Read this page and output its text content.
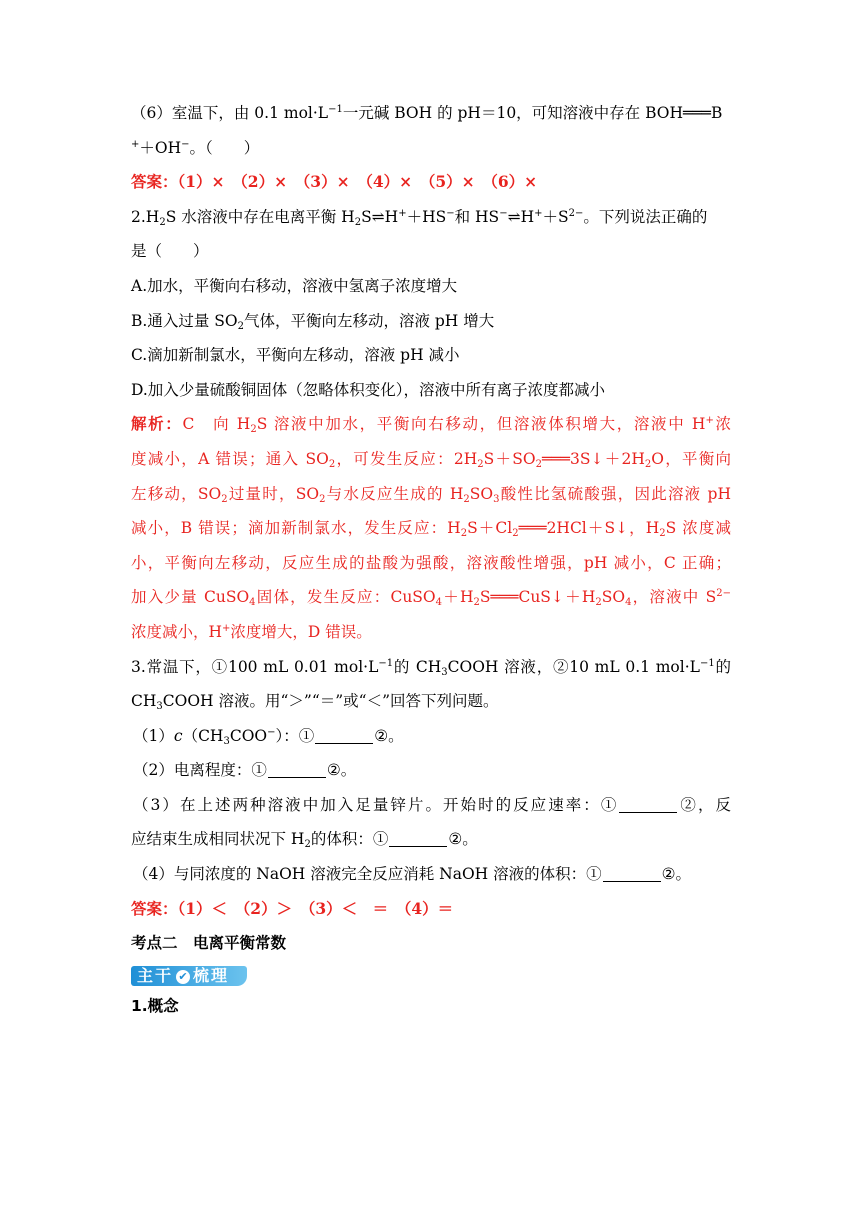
（6）室温下，由 0.1 $mol\cdot L^{-1}$一元碱 BOH 的 pH＝10，可知溶液中存在 BOH═══B
+＋OH−。（　　）
答案：（1）×　（2）×　（3）×　（4）×　（5）×　（6）×
$2.H_2S$ 水溶液中存在电离平衡 $H_2S\rightleftharpoons H^++HS^-$和 $HS^-\rightleftharpoons H^++S^{2-}$。下列说法正确的
是（　　）
A.加水，平衡向右移动，溶液中氢离子浓度增大
B.通入过量 $SO_2$气体，平衡向左移动，溶液 pH 增大
C.滴加新制氯水，平衡向左移动，溶液 pH 减小
D.加入少量硫酸铜固体（忽略体积变化），溶液中所有离子浓度都减小
解析：C　向 $H_2S$ 溶液中加水，平衡向右移动，但溶液体积增大，溶液中 H+浓
度减小，A 错误；通入 $SO_2$，可发生反应：$2H_2S+SO_2═══3S↓+2H_2O$，平衡向
左移动，$SO_2$过量时，$SO_2$与水反应生成的 $H_2SO_3$酸性比氢硫酸强，因此溶液 pH
减小，B 错误；滴加新制氯水，发生反应：$H_2S+Cl_2═══2HCl+S↓$，$H_2S$ 浓度减
小，平衡向左移动，反应生成的盐酸为强酸，溶液酸性增强，pH 减小，C 正确；
加入少量 CuSO$_4$固体，发生反应：$CuSO_4+H_2S═══CuS↓+H_2SO_4$，溶液中 $S^{2-}$
浓度减小，H+浓度增大，D 错误。
3.常温下，①100 mL 0.01 $mol\cdot L^{-1}$的 $CH_3COOH$ 溶液，②10 mL 0.1 $mol\cdot L^{-1}$的
$CH_3COOH$ 溶液。用“＞”“＝”或“＜”回答下列问题。
$(1)c(CH_3COO^-)$：①	②。
（2）电离程度：①	②。
（3）在上述两种溶液中加入足量锌片。开始时的反应速率：①	②，反
应结束生成相同状况下 $H_2$的体积：①	②。
（4）与同浓度的 NaOH 溶液完全反应消耗 NaOH 溶液的体积：①	②。
答案：（1）＜　（2）＞　（3）＜　＝　（4）＝
考点二　电离平衡常数
主干 ✔ 梳理
1.概念
